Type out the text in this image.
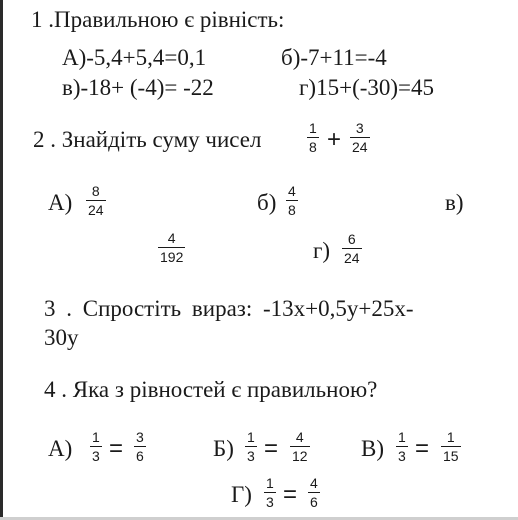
1 .Правильною є рівність:
А)-5,4+5,4=0,1	б)-7+11=-4
в)-18+ (-4)= -22	г)15+(-30)=45
2 . Знайдіть суму чисел	1
8 + 3
24
А) 8
24	б) 4
8	в)
4
192	г) 6
24
3 . Спростіть вираз: -13х+0,5у+25х-
30у
4 . Яка з рівностей є правильною?
А) 1
3 = 3
6	Б) 1
3 = 4
12 В) 1
3 = 1
15
Г) 1
3 = 4
6
